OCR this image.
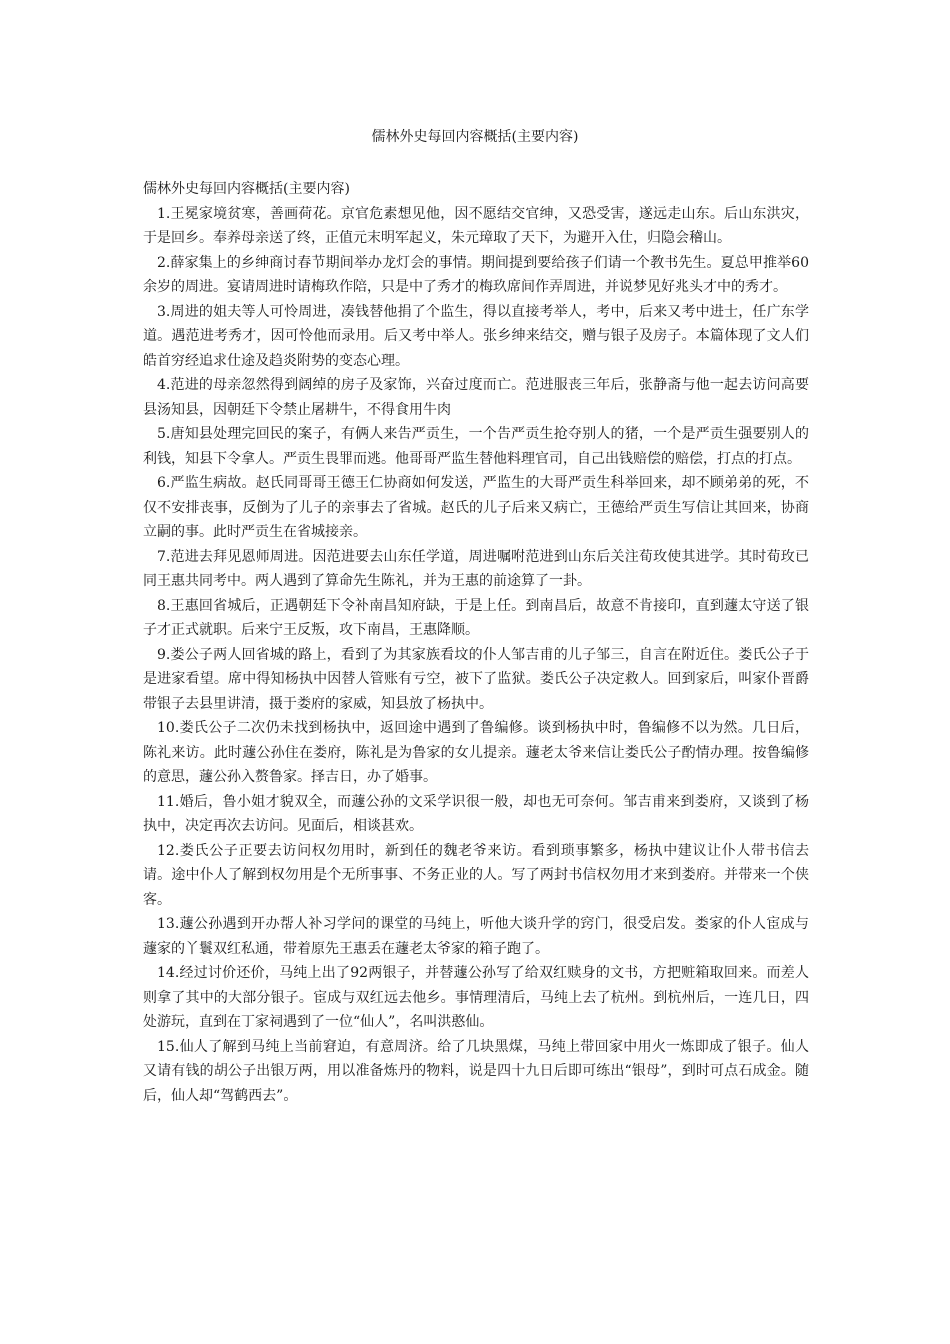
儒林外史每回内容概括(主要内容)

儒林外史每回内容概括(主要内容)

1.王冕家境贫寒，善画荷花。京官危素想见他，因不愿结交官绅，又恐受害，遂远走山东。后山东洪灾，于是回乡。奉养母亲送了终，正值元末明军起义，朱元璋取了天下，为避开入仕，归隐会稽山。

2.薛家集上的乡绅商讨春节期间举办龙灯会的事情。期间提到要给孩子们请一个教书先生。夏总甲推举60余岁的周进。宴请周进时请梅玖作陪，只是中了秀才的梅玖席间作弄周进，并说梦见好兆头才中的秀才。

3.周进的姐夫等人可怜周进，凑钱替他捐了个监生，得以直接考举人，考中，后来又考中进士，任广东学道。遇范进考秀才，因可怜他而录用。后又考中举人。张乡绅来结交，赠与银子及房子。本篇体现了文人们皓首穷经追求仕途及趋炎附势的变态心理。

4.范进的母亲忽然得到阔绰的房子及家饰，兴奋过度而亡。范进服丧三年后，张静斋与他一起去访问高要县汤知县，因朝廷下令禁止屠耕牛，不得食用牛肉

5.唐知县处理完回民的案子，有俩人来告严贡生，一个告严贡生抢夺别人的猪，一个是严贡生强要别人的利钱，知县下令拿人。严贡生畏罪而逃。他哥哥严监生替他料理官司，自己出钱赔偿的赔偿，打点的打点。

6.严监生病故。赵氏同哥哥王德王仁协商如何发送，严监生的大哥严贡生科举回来，却不顾弟弟的死，不仅不安排丧事，反倒为了儿子的亲事去了省城。赵氏的儿子后来又病亡，王德给严贡生写信让其回来，协商立嗣的事。此时严贡生在省城接亲。

7.范进去拜见恩师周进。因范进要去山东任学道，周进嘱咐范进到山东后关注荀玫使其进学。其时荀玫已同王惠共同考中。两人遇到了算命先生陈礼，并为王惠的前途算了一卦。

8.王惠回省城后，正遇朝廷下令补南昌知府缺，于是上任。到南昌后，故意不肯接印，直到蘧太守送了银子才正式就职。后来宁王反叛，攻下南昌，王惠降顺。

9.娄公子两人回省城的路上，看到了为其家族看坟的仆人邹吉甫的儿子邹三，自言在附近住。娄氏公子于是进家看望。席中得知杨执中因替人管账有亏空，被下了监狱。娄氏公子决定救人。回到家后，叫家仆晋爵带银子去县里讲清，摄于娄府的家威，知县放了杨执中。

10.娄氏公子二次仍未找到杨执中，返回途中遇到了鲁编修。谈到杨执中时，鲁编修不以为然。几日后，陈礼来访。此时蘧公孙住在娄府，陈礼是为鲁家的女儿提亲。蘧老太爷来信让娄氏公子酌情办理。按鲁编修的意思，蘧公孙入赘鲁家。择吉日，办了婚事。

11.婚后，鲁小姐才貌双全，而蘧公孙的文采学识很一般，却也无可奈何。邹吉甫来到娄府，又谈到了杨执中，决定再次去访问。见面后，相谈甚欢。

12.娄氏公子正要去访问权勿用时，新到任的魏老爷来访。看到琐事繁多，杨执中建议让仆人带书信去请。途中仆人了解到权勿用是个无所事事、不务正业的人。写了两封书信权勿用才来到娄府。并带来一个侠客。

13.蘧公孙遇到开办帮人补习学问的课堂的马纯上，听他大谈升学的窍门，很受启发。娄家的仆人宦成与蘧家的丫鬟双红私通，带着原先王惠丢在蘧老太爷家的箱子跑了。

14.经过讨价还价，马纯上出了92两银子，并替蘧公孙写了给双红赎身的文书，方把赃箱取回来。而差人则拿了其中的大部分银子。宦成与双红远去他乡。事情理清后，马纯上去了杭州。到杭州后，一连几日，四处游玩，直到在丁家祠遇到了一位“仙人”，名叫洪憨仙。

15.仙人了解到马纯上当前窘迫，有意周济。给了几块黑煤，马纯上带回家中用火一炼即成了银子。仙人又请有钱的胡公子出银万两，用以准备炼丹的物料，说是四十九日后即可练出“银母”，到时可点石成金。随后，仙人却“驾鹤西去”。
